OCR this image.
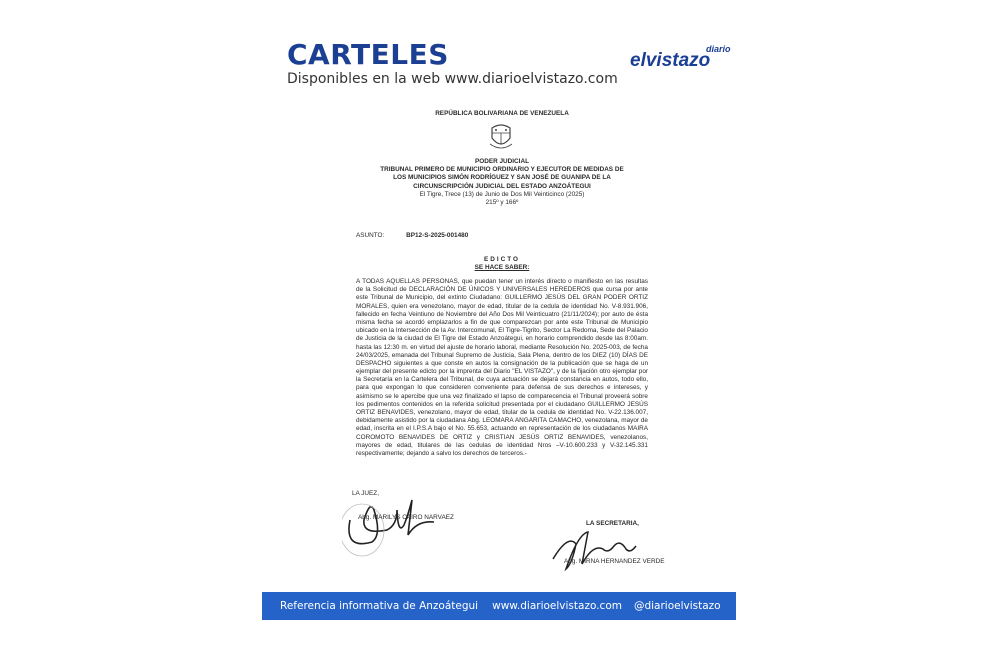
CARTELES
Disponibles en la web www.diarioelvistazo.com
diario
elvistazo
REPÚBLICA BOLIVARIANA DE VENEZUELA
PODER JUDICIAL
TRIBUNAL PRIMERO DE MUNICIPIO ORDINARIO Y EJECUTOR DE MEDIDAS DE
LOS MUNICIPIOS SIMÓN RODRÍGUEZ Y SAN JOSÉ DE GUANIPA DE LA
CIRCUNSCRIPCIÓN JUDICIAL DEL ESTADO ANZOÁTEGUI
El Tigre, Trece (13) de Junio de Dos Mil Veinticinco (2025)
215º y 166º
ASUNTO:	BP12-S-2025-001480
EDICTO
SE HACE SABER:

A TODAS AQUELLAS PERSONAS, que puedan tener un interés directo o manifiesto en las resultas de la Solicitud de DECLARACIÓN DE ÚNICOS Y UNIVERSALES HEREDEROS que cursa por ante este Tribunal de Municipio, del extinto Ciudadano: GUILLERMO JESÚS DEL GRAN PODER ORTIZ MORALES, quien era venezolano, mayor de edad, titular de la cedula de identidad No. V-8.931.906, fallecido en fecha Veintiuno de Noviembre del Año Dos Mil Veinticuatro (21/11/2024); por auto de ésta misma fecha se acordó emplazarlos a fin de que comparezcan por ante este Tribunal de Municipio ubicado en la Intersección de la Av. Intercomunal, El Tigre-Tigrito, Sector La Redoma, Sede del Palacio de Justicia de la ciudad de El Tigre del Estado Anzoátegui, en horario comprendido desde las 8:00am. hasta las 12:30 m. en virtud del ajuste de horario laboral, mediante Resolución No. 2025-003, de fecha 24/03/2025, emanada del Tribunal Supremo de Justicia, Sala Plena, dentro de los DIEZ (10) DÍAS DE DESPACHO siguientes a que conste en autos la consignación de la publicación que se haga de un ejemplar del presente edicto por la imprenta del Diario "EL VISTAZO", y de la fijación otro ejemplar por la Secretaría en la Cartelera del Tribunal, de cuya actuación se dejará constancia en autos, todo ello, para que expongan lo que consideren conveniente para defensa de sus derechos e intereses, y asimismo se le apercibe que una vez finalizado el lapso de comparecencia el Tribunal proveerá sobre los pedimentos contenidos en la referida solicitud presentada por el ciudadano GUILLERMO JESÚS ORTIZ BENAVIDES, venezolano, mayor de edad, titular de la cedula de identidad No. V-22.136.007, debidamente asistido por la ciudadana Abg. LEOMARA ANGARITA CAMACHO, venezolana, mayor de edad, inscrita en el I.P.S.A bajo el No. 55.653, actuando en representación de los ciudadanos MAIRA COROMOTO BENAVIDES DE ORTIZ y CRISTIAN JESÚS ORTIZ BENAVIDES, venezolanos, mayores de edad, titulares de las cedulas de identidad Nros –V-10.600.233 y V-32.145.331 respectivamente; dejando a salvo los derechos de terceros.-

LA JUEZ,
Abg. MARILYS CAIRO NARVAEZ
LA SECRETARIA,
Abg. MIRNA HERNANDEZ VERDE
Referencia informativa de Anzoátegui www.diarioelvistazo.com @diarioelvistazo
